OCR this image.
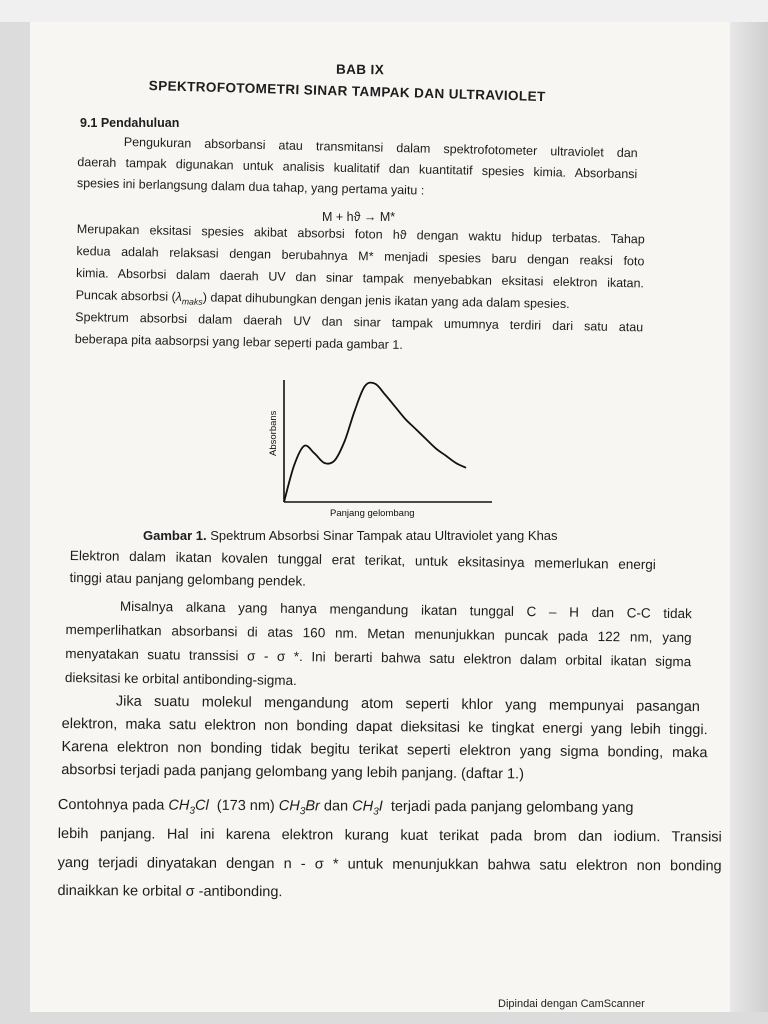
BAB IX
SPEKTROFOTOMETRI SINAR TAMPAK DAN ULTRAVIOLET
9.1 Pendahuluan
Pengukuran absorbansi atau transmitansi dalam spektrofotometer ultraviolet dan
daerah tampak digunakan untuk analisis kualitatif dan kuantitatif spesies kimia. Absorbansi
spesies ini berlangsung dalam dua tahap, yang pertama yaitu :
M + hϑ → M*
Merupakan eksitasi spesies akibat absorbsi foton hϑ dengan waktu hidup terbatas. Tahap
kedua adalah relaksasi dengan berubahnya M* menjadi spesies baru dengan reaksi foto
kimia. Absorbsi dalam daerah UV dan sinar tampak menyebabkan eksitasi elektron ikatan.
Puncak absorbsi $(\lambda_{maks})$ dapat dihubungkan dengan jenis ikatan yang ada dalam spesies.
Spektrum absorbsi dalam daerah UV dan sinar tampak umumnya terdiri dari satu atau
beberapa pita aabsorpsi yang lebar seperti pada gambar 1.
Panjang gelombang
Absorbans
Gambar 1. Spektrum Absorbsi Sinar Tampak atau Ultraviolet yang Khas
Elektron dalam ikatan kovalen tunggal erat terikat, untuk eksitasinya memerlukan energi
tinggi atau panjang gelombang pendek.
Misalnya alkana yang hanya mengandung ikatan tunggal C – H dan C-C tidak
memperlihatkan absorbansi di atas 160 nm. Metan menunjukkan puncak pada 122 nm, yang
menyatakan suatu transsisi σ - σ *. Ini berarti bahwa satu elektron dalam orbital ikatan sigma
dieksitasi ke orbital antibonding-sigma.
Jika suatu molekul mengandung atom seperti khlor yang mempunyai pasangan
elektron, maka satu elektron non bonding dapat dieksitasi ke tingkat energi yang lebih tinggi.
Karena elektron non bonding tidak begitu terikat seperti elektron yang sigma bonding, maka
absorbsi terjadi pada panjang gelombang yang lebih panjang. (daftar 1.)
Contohnya pada $CH_3Cl$  (173 nm) $CH_3Br$ dan $CH_3I$  terjadi pada panjang gelombang yang
lebih panjang. Hal ini karena elektron kurang kuat terikat pada brom dan iodium. Transisi
yang terjadi dinyatakan dengan n - σ * untuk menunjukkan bahwa satu elektron non bonding
dinaikkan ke orbital σ -antibonding.
Dipindai dengan CamScanner
